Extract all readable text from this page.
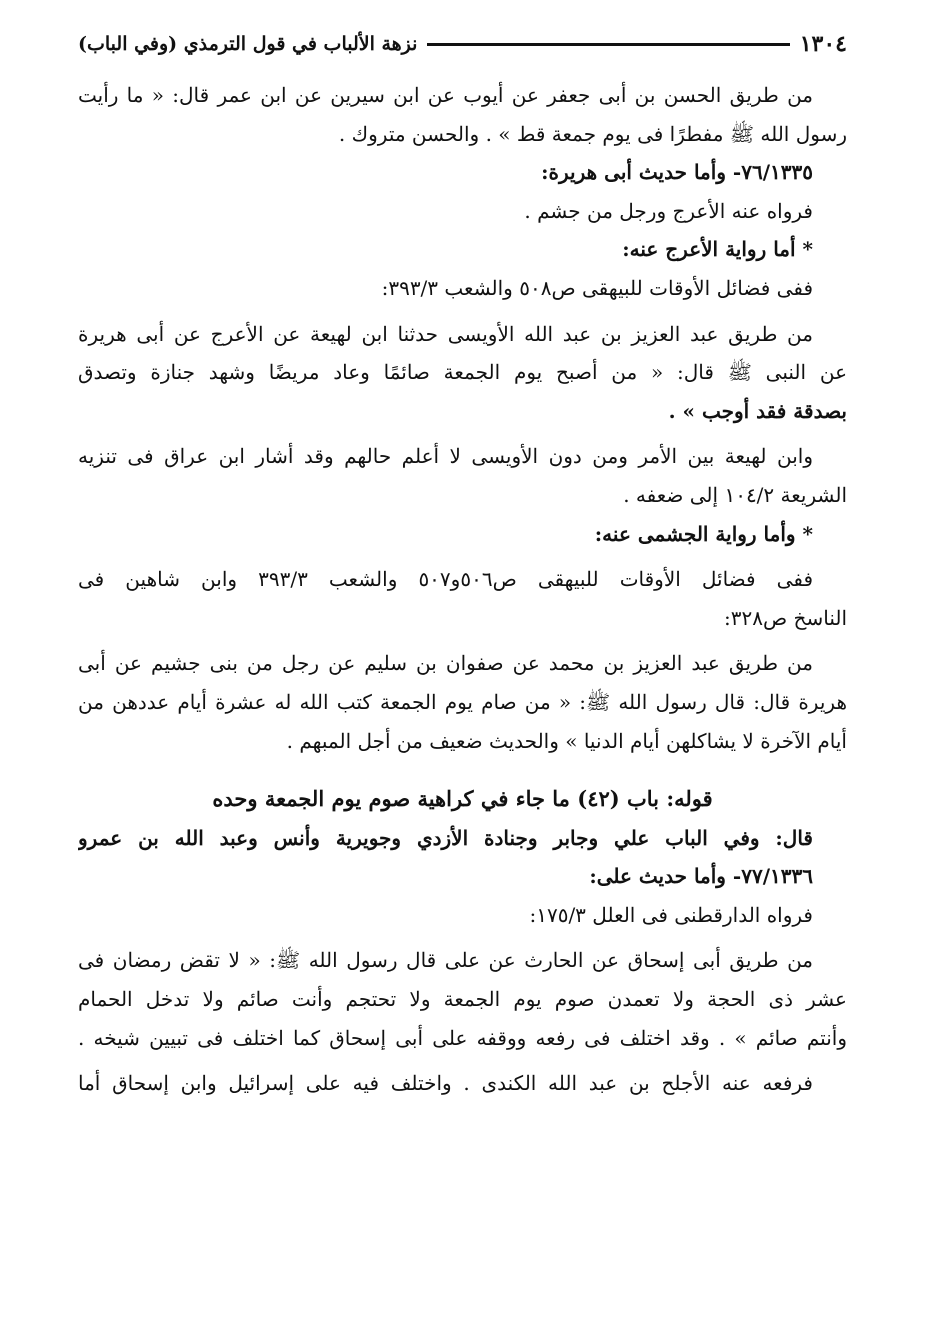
١٣٠٤
نزهة الألباب في قول الترمذي (وفي الباب)
من طريق الحسن بن أبى جعفر عن أيوب عن ابن سيرين عن ابن عمر قال: « ما رأيت
رسول الله ﷺ مفطرًا فى يوم جمعة قط » . والحسن متروك .
٧٦/١٣٣٥- وأما حديث أبى هريرة:
فرواه عنه الأعرج ورجل من جشم .
* أما رواية الأعرج عنه:
ففى فضائل الأوقات للبيهقى ص٥٠٨ والشعب ٣٩٣/٣:
من طريق عبد العزيز بن عبد الله الأويسى حدثنا ابن لهيعة عن الأعرج عن أبى هريرة
عن النبى ﷺ قال: « من أصبح يوم الجمعة صائمًا وعاد مريضًا وشهد جنازة وتصدق
بصدقة فقد أوجب » .
وابن لهيعة بين الأمر ومن دون الأويسى لا أعلم حالهم وقد أشار ابن عراق فى تنزيه
الشريعة ١٠٤/٢ إلى ضعفه .
* وأما رواية الجشمى عنه:
ففى فضائل الأوقات للبيهقى ص٥٠٦و٥٠٧ والشعب ٣٩٣/٣ وابن شاهين فى
الناسخ ص٣٢٨:
من طريق عبد العزيز بن محمد عن صفوان بن سليم عن رجل من بنى جشيم عن أبى
هريرة قال: قال رسول الله ﷺ: « من صام يوم الجمعة كتب الله له عشرة أيام عددهن من
أيام الآخرة لا يشاكلهن أيام الدنيا » والحديث ضعيف من أجل المبهم .
قوله: باب (٤٢) ما جاء في كراهية صوم يوم الجمعة وحده
قال: وفي الباب علي وجابر وجنادة الأزدي وجويرية وأنس وعبد الله بن عمرو
٧٧/١٣٣٦- وأما حديث على:
فرواه الدارقطنى فى العلل ١٧٥/٣:
من طريق أبى إسحاق عن الحارث عن على قال رسول الله ﷺ: « لا تقض رمضان فى
عشر ذى الحجة ولا تعمدن صوم يوم الجمعة ولا تحتجم وأنت صائم ولا تدخل الحمام
وأنتم صائم » . وقد اختلف فى رفعه ووقفه على أبى إسحاق كما اختلف فى تبيين شيخه .
فرفعه عنه الأجلح بن عبد الله الكندى . واختلف فيه على إسرائيل وابن إسحاق أما
